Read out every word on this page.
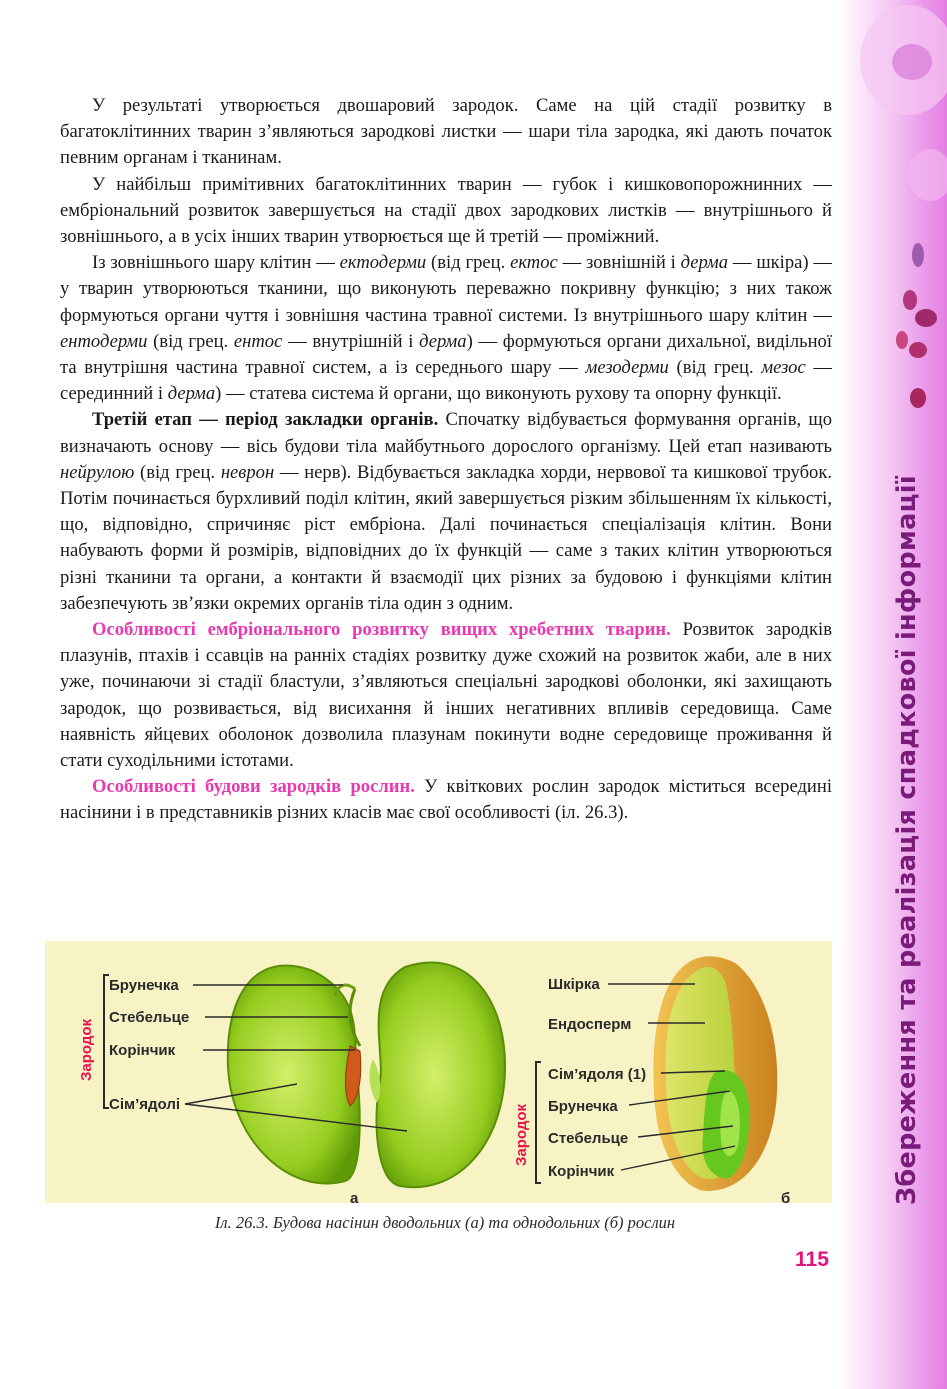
Збереження та реалізація спадкової інформації

У результаті утворюється двошаровий зародок. Саме на цій стадії розвитку в багатоклітинних тварин з’являються зародкові листки — шари тіла зародка, які дають початок певним органам і тканинам.

У найбільш примітивних багатоклітинних тварин — губок і кишковопорожнинних — ембріональний розвиток завершується на стадії двох зародкових листків — внутрішнього й зовнішнього, а в усіх інших тварин утворюється ще й третій — проміжний.

Із зовнішнього шару клітин — ектодерми (від грец. ектос — зовнішній і дерма — шкіра) — у тварин утворюються тканини, що виконують переважно покривну функцію; з них також формуються органи чуття і зовнішня частина травної системи. Із внутрішнього шару клітин — ентодерми (від грец. ентос — внутрішній і дерма) — формуються органи дихальної, видільної та внутрішня частина травної систем, а із середнього шару — мезодерми (від грец. мезос — серединний і дерма) — статева система й органи, що виконують рухову та опорну функції.

Третій етап — період закладки органів. Спочатку відбувається формування органів, що визначають основу — вісь будови тіла майбутнього дорослого організму. Цей етап називають нейрулою (від грец. неврон — нерв). Відбувається закладка хорди, нервової та кишкової трубок. Потім починається бурхливий поділ клітин, який завершується різким збільшенням їх кількості, що, відповідно, спричиняє ріст ембріона. Далі починається спеціалізація клітин. Вони набувають форми й розмірів, відповідних до їх функцій — саме з таких клітин утворюються різні тканини та органи, а контакти й взаємодії цих різних за будовою і функціями клітин забезпечують зв’язки окремих органів тіла один з одним.

Особливості ембріонального розвитку вищих хребетних тварин. Розвиток зародків плазунів, птахів і ссавців на ранніх стадіях розвитку дуже схожий на розвиток жаби, але в них уже, починаючи зі стадії бластули, з’являються спеціальні зародкові оболонки, які захищають зародок, що розвивається, від висихання й інших негативних впливів середовища. Саме наявність яйцевих оболонок дозволила плазунам покинути водне середовище проживання й стати суходільними істотами.

Особливості будови зародків рослин. У квіткових рослин зародок міститься всередині насінини і в представників різних класів має свої особливості (іл. 26.3).

Зародок
Брунечка
Стебельце
Корінчик
Сім’ядолі
а
Шкірка
Ендосперм
Зародок
Сім’ядоля (1)
Брунечка
Стебельце
Корінчик
б
Іл. 26.3. Будова насінин дводольних (а) та однодольних (б) рослин
115
